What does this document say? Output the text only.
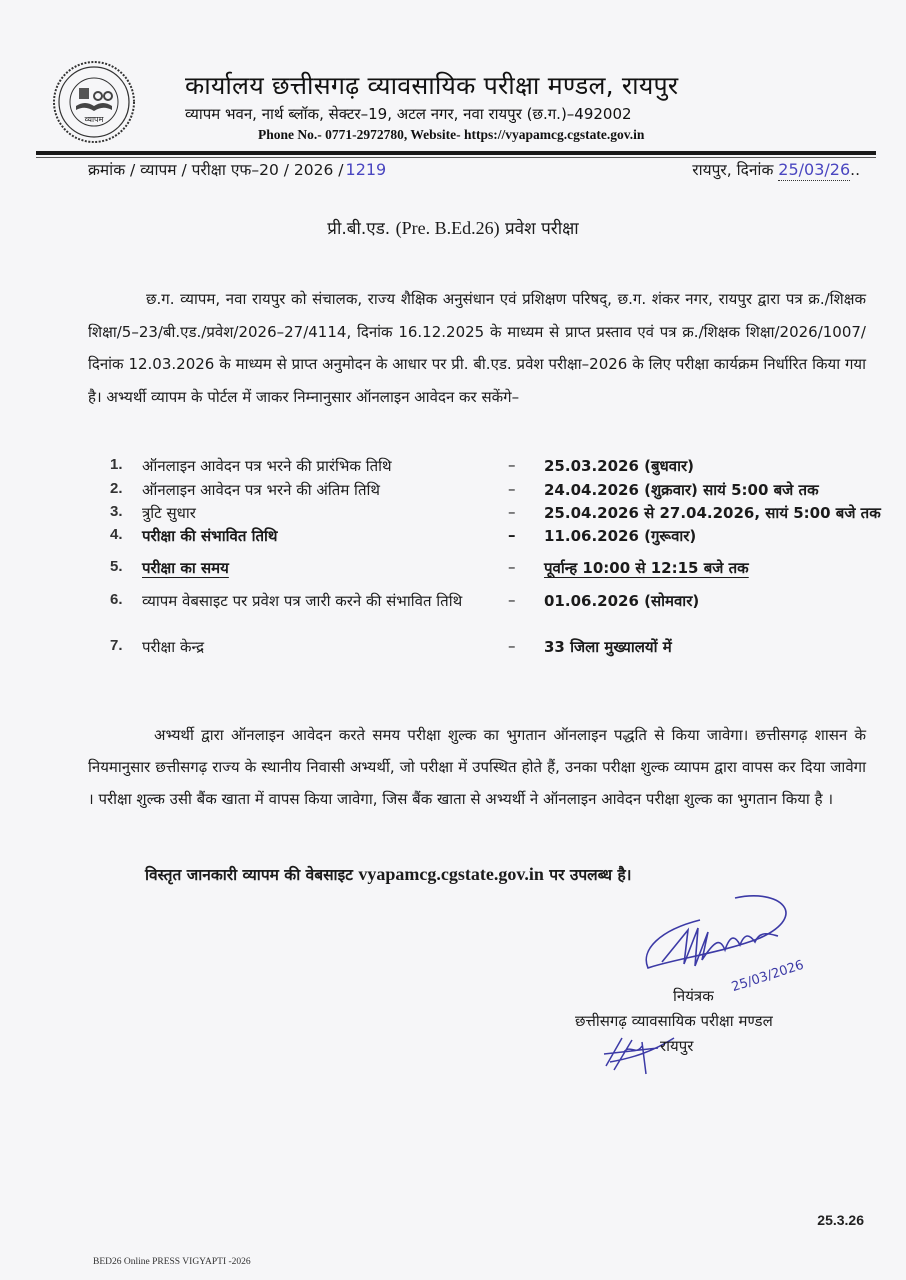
व्यापम
कार्यालय छत्तीसगढ़ व्यावसायिक परीक्षा मण्डल, रायपुर
व्यापम भवन, नार्थ ब्लॉक, सेक्टर–19, अटल नगर, नवा रायपुर (छ.ग.)–492002
Phone No.- 0771-2972780, Website- https://vyapamcg.cgstate.gov.in
क्रमांक / व्यापम / परीक्षा एफ–20 / 2026 / 1219	रायपुर, दिनांक 25/03/26..
प्री.बी.एड. (Pre. B.Ed.26) प्रवेश परीक्षा
छ.ग. व्यापम, नवा रायपुर को संचालक, राज्य शैक्षिक अनुसंधान एवं प्रशिक्षण परिषद्, छ.ग. शंकर नगर, रायपुर द्वारा पत्र क्र./शिक्षक शिक्षा/5–23/बी.एड./प्रवेश/2026–27/4114, दिनांक 16.12.2025 के माध्यम से प्राप्त प्रस्ताव एवं पत्र क्र./शिक्षक शिक्षा/2026/1007/दिनांक 12.03.2026 के माध्यम से प्राप्त अनुमोदन के आधार पर प्री. बी.एड. प्रवेश परीक्षा–2026 के लिए परीक्षा कार्यक्रम निर्धारित किया गया है। अभ्यर्थी व्यापम के पोर्टल में जाकर निम्नानुसार ऑनलाइन आवेदन कर सकेंगे–
1.	ऑनलाइन आवेदन पत्र भरने की प्रारंभिक तिथि	– 25.03.2026 (बुधवार)
2.	ऑनलाइन आवेदन पत्र भरने की अंतिम तिथि	– 24.04.2026 (शुक्रवार) सायं 5:00 बजे तक
3.	त्रुटि सुधार	– 25.04.2026 से 27.04.2026, सायं 5:00 बजे तक
4.	परीक्षा की संभावित तिथि	– 11.06.2026 (गुरूवार)
5.	परीक्षा का समय	– पूर्वान्ह 10:00 से 12:15 बजे तक
6.	व्यापम वेबसाइट पर प्रवेश पत्र जारी करने की संभावित तिथि	– 01.06.2026 (सोमवार)
7.	परीक्षा केन्द्र	– 33 जिला मुख्यालयों में
अभ्यर्थी द्वारा ऑनलाइन आवेदन करते समय परीक्षा शुल्क का भुगतान ऑनलाइन पद्धति से किया जावेगा। छत्तीसगढ़ शासन के नियमानुसार छत्तीसगढ़ राज्य के स्थानीय निवासी अभ्यर्थी, जो परीक्षा में उपस्थित होते हैं, उनका परीक्षा शुल्क व्यापम द्वारा वापस कर दिया जावेगा । परीक्षा शुल्क उसी बैंक खाता में वापस किया जावेगा, जिस बैंक खाता से अभ्यर्थी ने ऑनलाइन आवेदन परीक्षा शुल्क का भुगतान किया है ।
विस्तृत जानकारी व्यापम की वेबसाइट vyapamcg.cgstate.gov.in पर उपलब्ध है।
25/03/2026
नियंत्रक
छत्तीसगढ़ व्यावसायिक परीक्षा मण्डल
रायपुर
25.3.26
BED26 Online PRESS VIGYAPTI -2026
